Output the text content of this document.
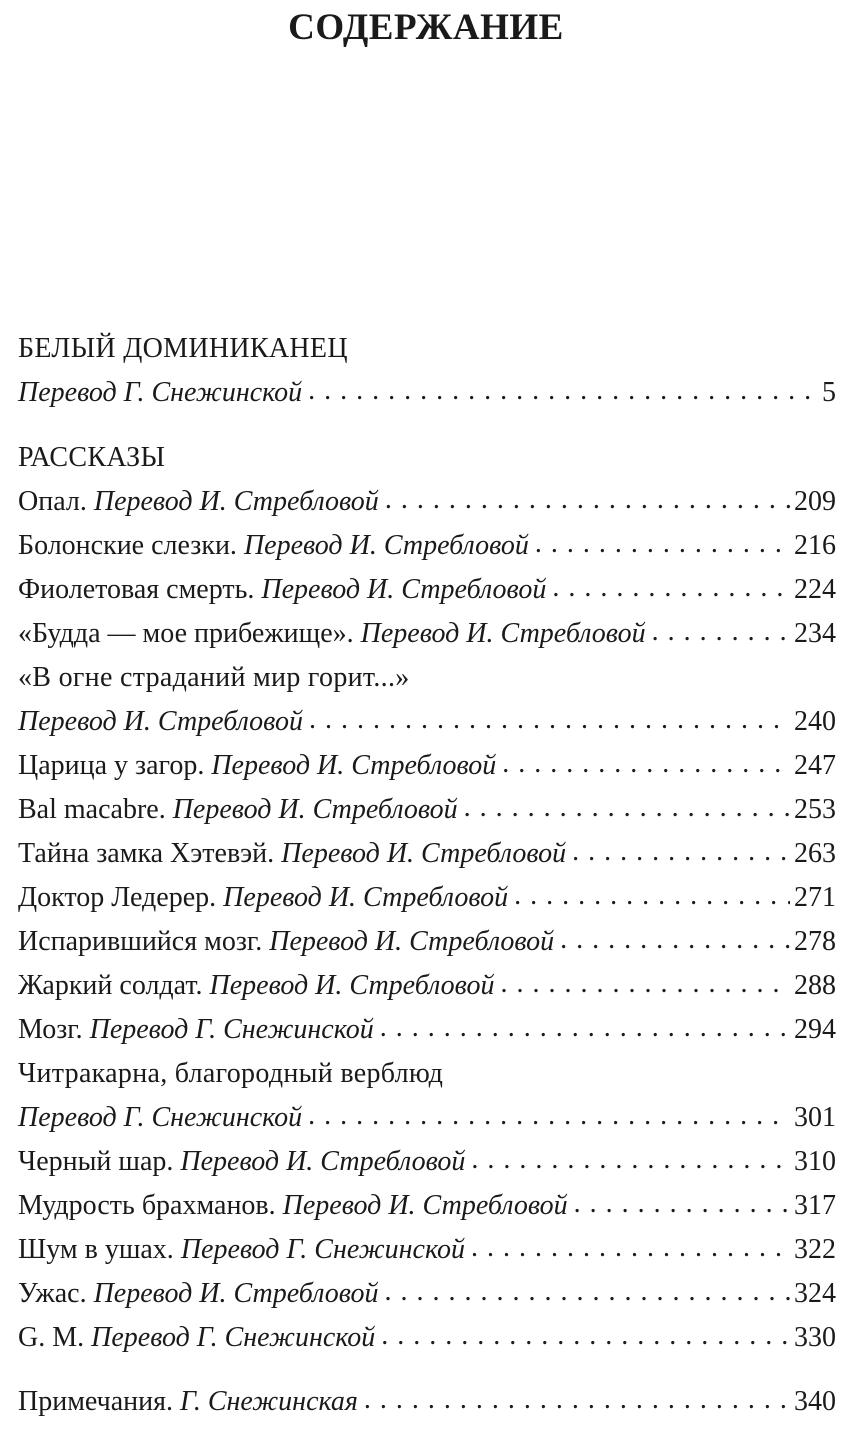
СОДЕРЖАНИЕ
БЕЛЫЙ ДОМИНИКАНЕЦ
Перевод Г. Снежинской . . .	5
РАССКАЗЫ
Опал. Перевод И. Стребловой . . .	209
Болонские слезки. Перевод И. Стребловой . . .	216
Фиолетовая смерть. Перевод И. Стребловой . . .	224
«Будда — мое прибежище». Перевод И. Стребловой . . .	234
«В огне страданий мир горит...»
Перевод И. Стребловой . . .	240
Царица у загор. Перевод И. Стребловой . . .	247
Bal macabre. Перевод И. Стребловой . . .	253
Тайна замка Хэтевэй. Перевод И. Стребловой . . .	263
Доктор Ледерер. Перевод И. Стребловой . . .	271
Испарившийся мозг. Перевод И. Стребловой . . .	278
Жаркий солдат. Перевод И. Стребловой . . .	288
Мозг. Перевод Г. Снежинской . . .	294
Читракарна, благородный верблюд
Перевод Г. Снежинской . . .	301
Черный шар. Перевод И. Стребловой . . .	310
Мудрость брахманов. Перевод И. Стребловой . . .	317
Шум в ушах. Перевод Г. Снежинской . . .	322
Ужас. Перевод И. Стребловой . . .	324
G. M. Перевод Г. Снежинской . . .	330
Примечания. Г. Снежинская . . .	340
